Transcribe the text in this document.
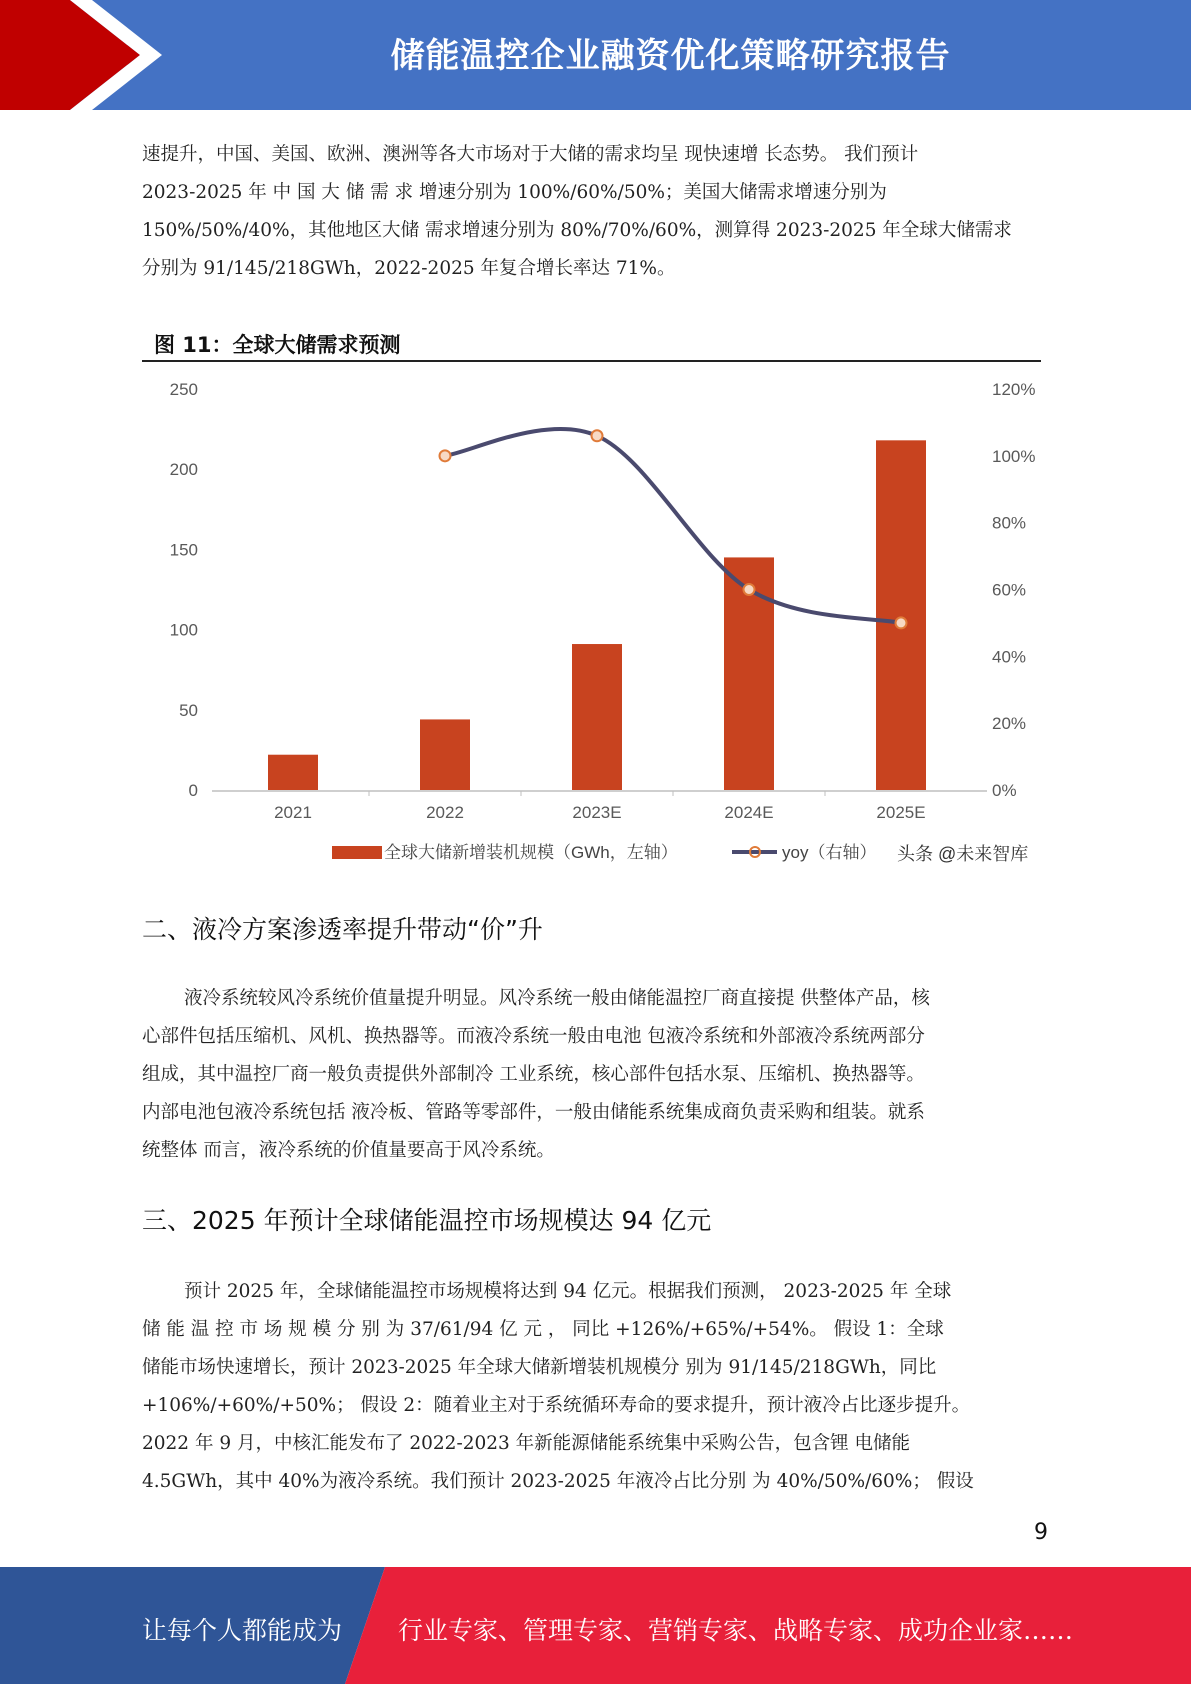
储能温控企业融资优化策略研究报告
速提升，中国、美国、欧洲、澳洲等各大市场对于大储的需求均呈 现快速增 长态势。 我们预计
2023-2025 年 中 国 大 储 需 求 增速分别为 100%/60%/50%；美国大储需求增速分别为
150%/50%/40%，其他地区大储 需求增速分别为 80%/70%/60%，测算得 2023-2025 年全球大储需求
分别为 91/145/218GWh，2022-2025 年复合增长率达 71%。
图 11：全球大储需求预测
0
50
100
150
200
250
0%
20%
40%
60%
80%
100%
120%
2021	2022	2023E	2024E	2025E
全球大储新增装机规模（GWh，左轴）	yoy（右轴） 头条 @未来智库
二、液冷方案渗透率提升带动“价”升
液冷系统较风冷系统价值量提升明显。风冷系统一般由储能温控厂商直接提 供整体产品，核
心部件包括压缩机、风机、换热器等。而液冷系统一般由电池 包液冷系统和外部液冷系统两部分
组成，其中温控厂商一般负责提供外部制冷 工业系统，核心部件包括水泵、压缩机、换热器等。
内部电池包液冷系统包括 液冷板、管路等零部件，一般由储能系统集成商负责采购和组装。就系
统整体 而言，液冷系统的价值量要高于风冷系统。
三、2025 年预计全球储能温控市场规模达 94 亿元
预计 2025 年，全球储能温控市场规模将达到 94 亿元。根据我们预测， 2023-2025 年 全球
储 能 温 控 市 场 规 模 分 别 为 37/61/94 亿 元 ， 同比 +126%/+65%/+54%。 假设 1：全球
储能市场快速增长，预计 2023-2025 年全球大储新增装机规模分 别为 91/145/218GWh，同比
+106%/+60%/+50%； 假设 2：随着业主对于系统循环寿命的要求提升，预计液冷占比逐步提升。
2022 年 9 月，中核汇能发布了 2022-2023 年新能源储能系统集中采购公告，包含锂 电储能
4.5GWh，其中 40%为液冷系统。我们预计 2023-2025 年液冷占比分别 为 40%/50%/60%； 假设
9
让每个人都能成为 行业专家、管理专家、营销专家、战略专家、成功企业家……
